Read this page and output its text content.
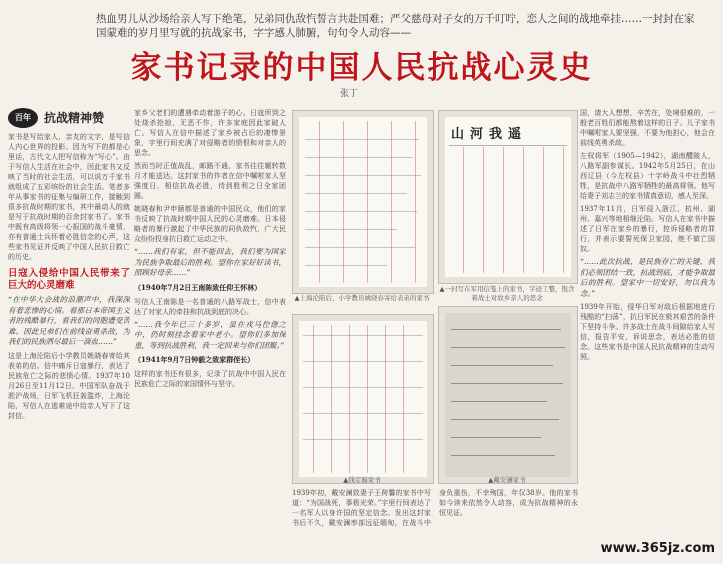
热血男儿从沙场给亲人写下绝笔，兄弟同仇敌忾誓言共赴国难；严父慈母对子女的万千叮咛，恋人之间的战地牵挂……一封封在家国蒙难的岁月里写就的抗战家书，字字感人肺腑，句句令人动容——
家书记录的中国人民抗战心灵史
张丁
百年	抗战精神赞

家书是写给家人、亲友的文字，是写信人内心世界的投影。因为写下的都是心里话，古代文人把写信称为“写心”。由于写信人生活在社会中，因此家书又反映了当时的社会生活，可以说万千家书就组成了五彩缤纷的社会生活。笔者多年从事家书的征集与编研工作，接触到很多抗战时期的家书，其中最动人的就是写于抗战时期的百余封家书了。家书中既有高级将领一心报国的战斗豪情，亦有普通士兵怀着必胜信念的心声，这些家书见证并反映了中国人民抗日救亡的历史。

日寇入侵给中国人民带来了巨大的心灵磨难

“在中华大会战的浪潮声中，我深深有着悲惨的心情。看那日本帝国主义者的残酷暴行，看我们的同胞遭受苦难。因此兄弟们在前线奋勇杀敌，为我们的民族洒尽最后一滴血……”

这是上海沦陷后小学教员姚晓春寄给其表弟的信。信中痛斥日寇暴行，表达了民族危亡之际的悲愤心情。1937年10月26日至11月12日，中国军队奋战于淞沪战场，日军飞机狂轰滥炸，上海沦陷，写信人在逃难途中给亲人写下了这封信。

家乡父老们的遭遇牵动着游子的心。日寇所到之处烧杀抢掠，无恶不作，许多家庭因此家破人亡。写信人在信中描述了家乡被占后的凄惨景象，字里行间充满了对侵略者的愤恨和对亲人的思念。

然而当时正值战乱，邮路不通，家书往往辗转数月才能送达。这封家书的作者在信中嘱咐家人坚强度日，相信抗战必胜，待到胜利之日全家团圆。

姚晓春和尹申颐都是普通的中国民众，他们的家书反映了抗战时期中国人民的心灵磨难。日本侵略者的暴行激起了中华民族的同仇敌忾，广大民众纷纷投身抗日救亡运动之中。

“……我们有家，但不能回去，我们要为国家为民族争取最后的胜利。望你在家好好读书，照顾好母亲……”

（1940年7月2日王南陈致任仰王怀林）

写信人王南陈是一名普通的八路军战士，信中表达了对家人的牵挂和抗战到底的决心。

“……我今年已三十多岁，虽在戎马倥偬之中，仍时刻挂念着家中老小。望你们多加保重，等到抗战胜利，我一定回来与你们团聚。”

（1941年9月7日钟毅之致家群侄长）

这样的家书还有很多，记录了抗战中中国人民在民族危亡之际的家国情怀与坚守。

▲上海沦陷后，小学教员姚晓春寄给表弟的家书
山河我遥
▲一封写在军用信笺上的家书，字迹工整，饱含着战士对故乡亲人的思念
▲钱定璇家书	▲戴安澜家书

1939年初，戴安澜致妻子王荷馨的家书中写道：“为国战死，事极光荣。”字里行间表达了一名军人以身许国的坚定信念。发出这封家书后不久，戴安澜率部远征缅甸，在战斗中身负重伤，不幸殉国，年仅38岁。他的家书如今读来依然令人动容，成为抗战精神的永恒见证。

国，请大人想想，辛苦在，处境很难的，一般老百姓们都能熬着这样的日子。儿子家书中嘱咐家人要坚强，不要为他担心，他会在前线英勇杀敌。

左权将军（1905—1942），湖南醴陵人，八路军副参谋长。1942年5月25日，在山西辽县（今左权县）十字岭战斗中壮烈牺牲，是抗战中八路军牺牲的最高将领。他写给妻子刘志兰的家书情真意切，感人至深。

1937年11月，日军侵入浙江，杭州、湖州、嘉兴等地相继沦陷。写信人在家书中描述了日军在家乡的暴行，控诉侵略者的罪行，并表示要誓死保卫家园，绝不做亡国奴。

“……此次抗战，是民族存亡的关键，我们必须团结一致，抗战到底，才能争取最后的胜利。望家中一切安好，勿以我为念。”

1939年开始，侵华日军对敌后根据地进行残酷的“扫荡”，抗日军民在极其艰苦的条件下坚持斗争。许多战士在战斗间隙给家人写信，报告平安，诉说思念，表达必胜的信念。这些家书是中国人民抗战精神的生动写照。

www.365jz.com
